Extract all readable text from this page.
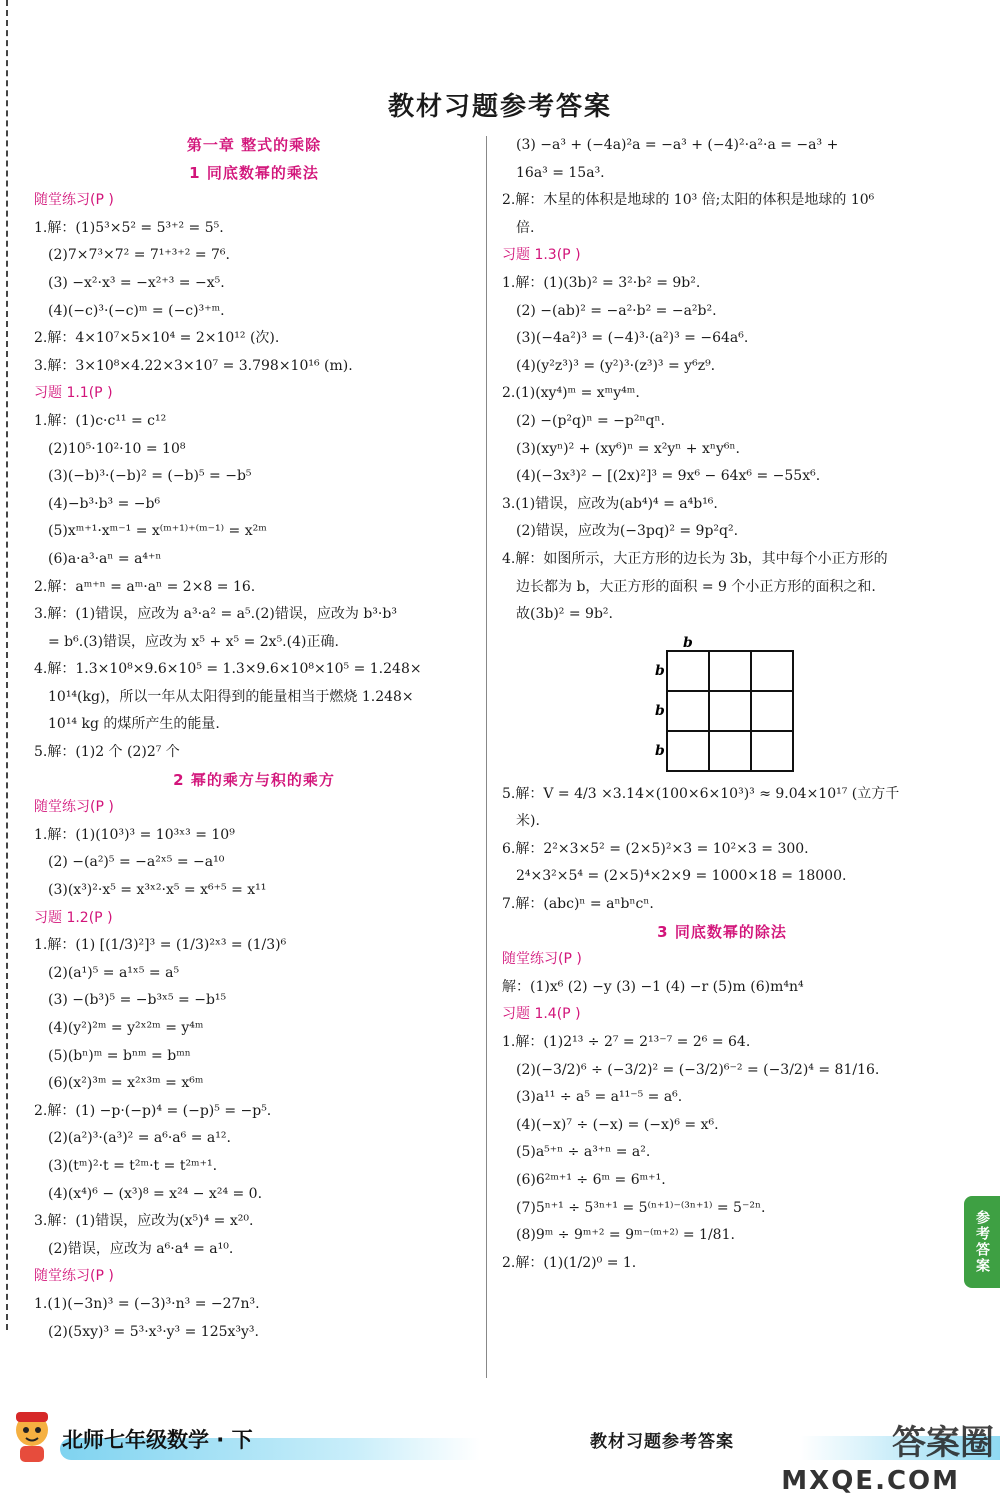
教材习题参考答案
第一章 整式的乘除
1 同底数幂的乘法
随堂练习(P )
1.解：(1)5³×5² = 5³⁺² = 5⁵.
(2)7×7³×7² = 7¹⁺³⁺² = 7⁶.
(3) −x²·x³ = −x²⁺³ = −x⁵.
(4)(−c)³·(−c)ᵐ = (−c)³⁺ᵐ.
2.解：4×10⁷×5×10⁴ = 2×10¹² (次).
3.解：3×10⁸×4.22×3×10⁷ = 3.798×10¹⁶ (m).
习题 1.1(P )
1.解：(1)c·c¹¹ = c¹²
(2)10⁵·10²·10 = 10⁸
(3)(−b)³·(−b)² = (−b)⁵ = −b⁵
(4)−b³·b³ = −b⁶
(5)xᵐ⁺¹·xᵐ⁻¹ = x⁽ᵐ⁺¹⁾⁺⁽ᵐ⁻¹⁾ = x²ᵐ
(6)a·a³·aⁿ = a⁴⁺ⁿ
2.解：aᵐ⁺ⁿ = aᵐ·aⁿ = 2×8 = 16.
3.解：(1)错误，应改为 a³·a² = a⁵.(2)错误，应改为 b³·b³
= b⁶.(3)错误，应改为 x⁵ + x⁵ = 2x⁵.(4)正确.
4.解：1.3×10⁸×9.6×10⁵ = 1.3×9.6×10⁸×10⁵ = 1.248×
10¹⁴(kg)，所以一年从太阳得到的能量相当于燃烧 1.248×
10¹⁴ kg 的煤所产生的能量.
5.解：(1)2 个 (2)2⁷ 个
2 幂的乘方与积的乘方
随堂练习(P )
1.解：(1)(10³)³ = 10³ˣ³ = 10⁹
(2) −(a²)⁵ = −a²ˣ⁵ = −a¹⁰
(3)(x³)²·x⁵ = x³ˣ²·x⁵ = x⁶⁺⁵ = x¹¹
习题 1.2(P )
1.解：(1) [(1/3)²]³ = (1/3)²ˣ³ = (1/3)⁶
(2)(a¹)⁵ = a¹ˣ⁵ = a⁵
(3) −(b³)⁵ = −b³ˣ⁵ = −b¹⁵
(4)(y²)²ᵐ = y²ˣ²ᵐ = y⁴ᵐ
(5)(bⁿ)ᵐ = bⁿᵐ = bᵐⁿ
(6)(x²)³ᵐ = x²ˣ³ᵐ = x⁶ᵐ
2.解：(1) −p·(−p)⁴ = (−p)⁵ = −p⁵.
(2)(a²)³·(a³)² = a⁶·a⁶ = a¹².
(3)(tᵐ)²·t = t²ᵐ·t = t²ᵐ⁺¹.
(4)(x⁴)⁶ − (x³)⁸ = x²⁴ − x²⁴ = 0.
3.解：(1)错误，应改为(x⁵)⁴ = x²⁰.
(2)错误，应改为 a⁶·a⁴ = a¹⁰.
随堂练习(P )
1.(1)(−3n)³ = (−3)³·n³ = −27n³.
(2)(5xy)³ = 5³·x³·y³ = 125x³y³.
(3) −a³ + (−4a)²a = −a³ + (−4)²·a²·a = −a³ +
16a³ = 15a³.
2.解：木星的体积是地球的 10³ 倍;太阳的体积是地球的 10⁶
倍.
习题 1.3(P )
1.解：(1)(3b)² = 3²·b² = 9b².
(2) −(ab)² = −a²·b² = −a²b².
(3)(−4a²)³ = (−4)³·(a²)³ = −64a⁶.
(4)(y²z³)³ = (y²)³·(z³)³ = y⁶z⁹.
2.(1)(xy⁴)ᵐ = xᵐy⁴ᵐ.
(2) −(p²q)ⁿ = −p²ⁿqⁿ.
(3)(xyⁿ)² + (xy⁶)ⁿ = x²yⁿ + xⁿy⁶ⁿ.
(4)(−3x³)² − [(2x)²]³ = 9x⁶ − 64x⁶ = −55x⁶.
3.(1)错误，应改为(ab⁴)⁴ = a⁴b¹⁶.
(2)错误，应改为(−3pq)² = 9p²q².
4.解：如图所示，大正方形的边长为 3b，其中每个小正方形的
边长都为 b，大正方形的面积 = 9 个小正方形的面积之和.
故(3b)² = 9b².
b
b
b
b
5.解：V = 4/3 ×3.14×(100×6×10³)³ ≈ 9.04×10¹⁷ (立方千
米).
6.解：2²×3×5² = (2×5)²×3 = 10²×3 = 300.
2⁴×3²×5⁴ = (2×5)⁴×2×9 = 1000×18 = 18000.
7.解：(abc)ⁿ = aⁿbⁿcⁿ.
3 同底数幂的除法
随堂练习(P )
解：(1)x⁶ (2) −y (3) −1 (4) −r (5)m (6)m⁴n⁴
习题 1.4(P )
1.解：(1)2¹³ ÷ 2⁷ = 2¹³⁻⁷ = 2⁶ = 64.
(2)(−3/2)⁶ ÷ (−3/2)² = (−3/2)⁶⁻² = (−3/2)⁴ = 81/16.
(3)a¹¹ ÷ a⁵ = a¹¹⁻⁵ = a⁶.
(4)(−x)⁷ ÷ (−x) = (−x)⁶ = x⁶.
(5)a⁵⁺ⁿ ÷ a³⁺ⁿ = a².
(6)6²ᵐ⁺¹ ÷ 6ᵐ = 6ᵐ⁺¹.
(7)5ⁿ⁺¹ ÷ 5³ⁿ⁺¹ = 5⁽ⁿ⁺¹⁾⁻⁽³ⁿ⁺¹⁾ = 5⁻²ⁿ.
(8)9ᵐ ÷ 9ᵐ⁺² = 9ᵐ⁻⁽ᵐ⁺²⁾ = 1/81.
2.解：(1)(1/2)⁰ = 1.	参考答案
北师七年级数学 · 下	教材习题参考答案	答案圈
MXQE.COM
